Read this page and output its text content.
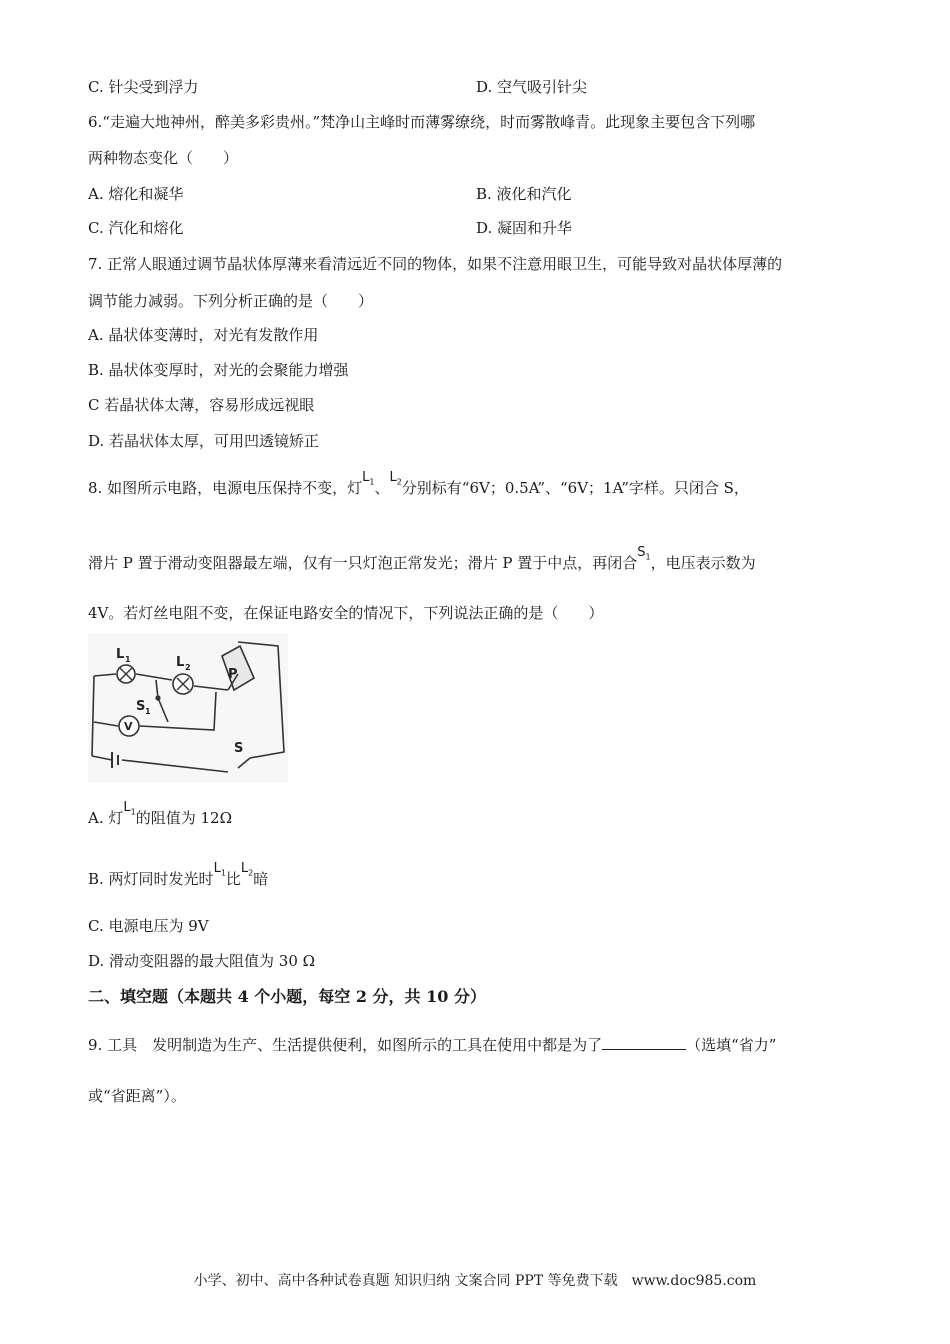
C. 针尖受到浮力	D. 空气吸引针尖
6.“走遍大地神州，醉美多彩贵州。”梵净山主峰时而薄雾缭绕，时而雾散峰青。此现象主要包含下列哪
两种物态变化（　　）
A. 熔化和凝华	B. 液化和汽化
C. 汽化和熔化	D. 凝固和升华
7. 正常人眼通过调节晶状体厚薄来看清远近不同的物体，如果不注意用眼卫生，可能导致对晶状体厚薄的
调节能力减弱。下列分析正确的是（　　）
A. 晶状体变薄时，对光有发散作用
B. 晶状体变厚时，对光的会聚能力增强
C 若晶状体太薄，容易形成远视眼
D. 若晶状体太厚，可用凹透镜矫正
8. 如图所示电路，电源电压保持不变，灯$L_1$、$L_2$分别标有“6V；0.5A”、“6V；1A”字样。只闭合 S，
滑片 P 置于滑动变阻器最左端，仅有一只灯泡正常发光；滑片 P 置于中点，再闭合$S_1$，电压表示数为
4V。若灯丝电阻不变，在保证电路安全的情况下，下列说法正确的是（　　）
V
L 1	L 2
S 1
P
S
A. 灯$L_1$的阻值为 12Ω
B. 两灯同时发光时$L_1$比$L_2$暗
C. 电源电压为 9V
D. 滑动变阻器的最大阻值为 30 Ω
二、填空题（本题共 4 个小题，每空 2 分，共 10 分）
9. 工具　发明制造为生产、生活提供便利，如图所示的工具在使用中都是为了	（选填“省力”
或“省距离”）。
小学、初中、高中各种试卷真题 知识归纳 文案合同 PPT 等免费下载　www.doc985.com
